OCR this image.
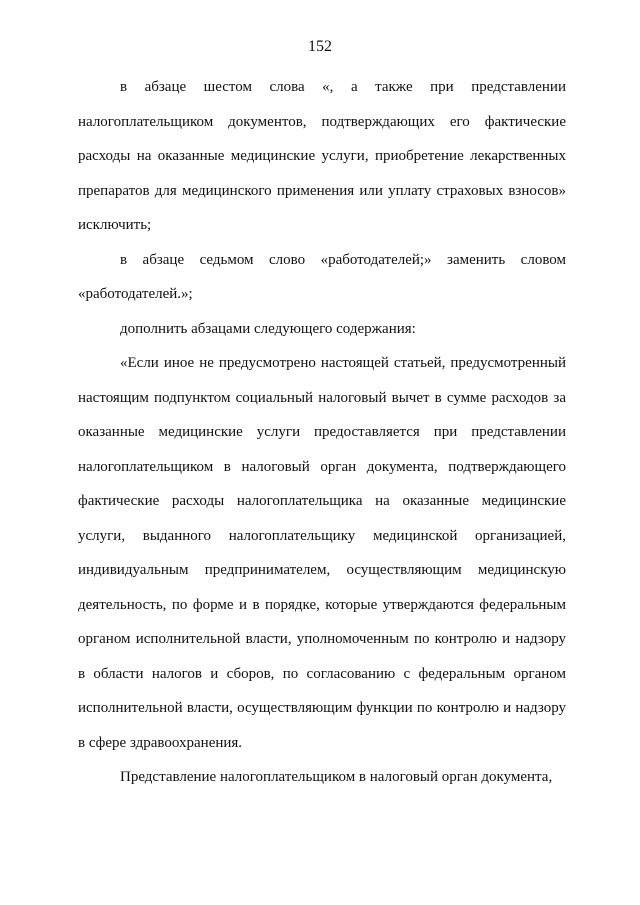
152

в абзаце шестом слова «, а также при представлении налогоплательщиком документов, подтверждающих его фактические расходы на оказанные медицинские услуги, приобретение лекарственных препаратов для медицинского применения или уплату страховых взносов» исключить;

в абзаце седьмом слово «работодателей;» заменить словом «работодателей.»;

дополнить абзацами следующего содержания:

«Если иное не предусмотрено настоящей статьей, предусмотренный настоящим подпунктом социальный налоговый вычет в сумме расходов за оказанные медицинские услуги предоставляется при представлении налогоплательщиком в налоговый орган документа, подтверждающего фактические расходы налогоплательщика на оказанные медицинские услуги, выданного налогоплательщику медицинской организацией, индивидуальным предпринимателем, осуществляющим медицинскую деятельность, по форме и в порядке, которые утверждаются федеральным органом исполнительной власти, уполномоченным по контролю и надзору в области налогов и сборов, по согласованию с федеральным органом исполнительной власти, осуществляющим функции по контролю и надзору в сфере здравоохранения.

Представление налогоплательщиком в налоговый орган документа,
